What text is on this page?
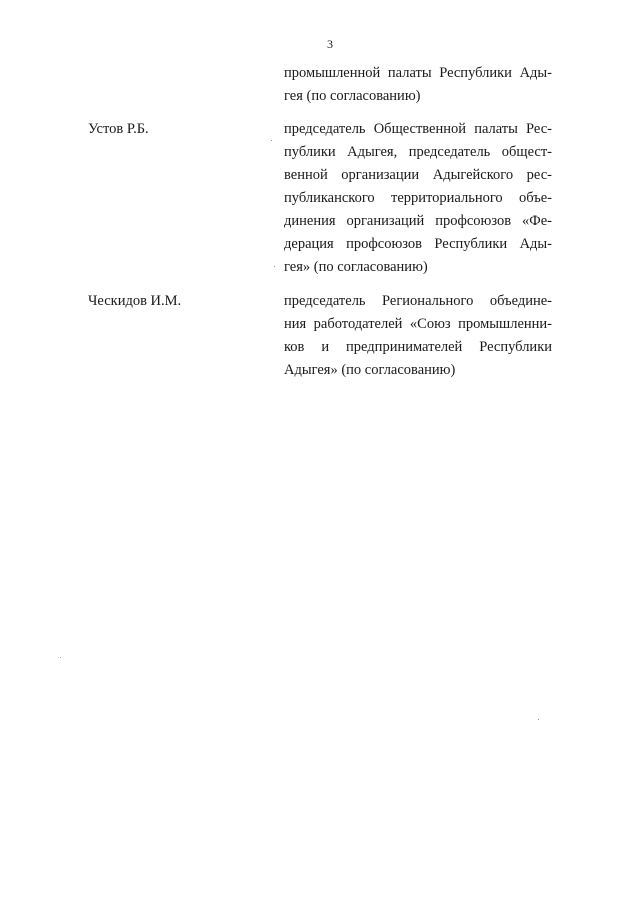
3
промышленной палаты Республики Ады-
гея (по согласованию)
Устов Р.Б.	председатель Общественной палаты Рес-
публики Адыгея, председатель общест-
венной организации Адыгейского рес-
публиканского территориального объе-
динения организаций профсоюзов «Фе-
дерация профсоюзов Республики Ады-
гея» (по согласованию)
Ческидов И.М.	председатель Регионального объедине-
ния работодателей «Союз промышленни-
ков и предпринимателей Республики
Адыгея» (по согласованию)
